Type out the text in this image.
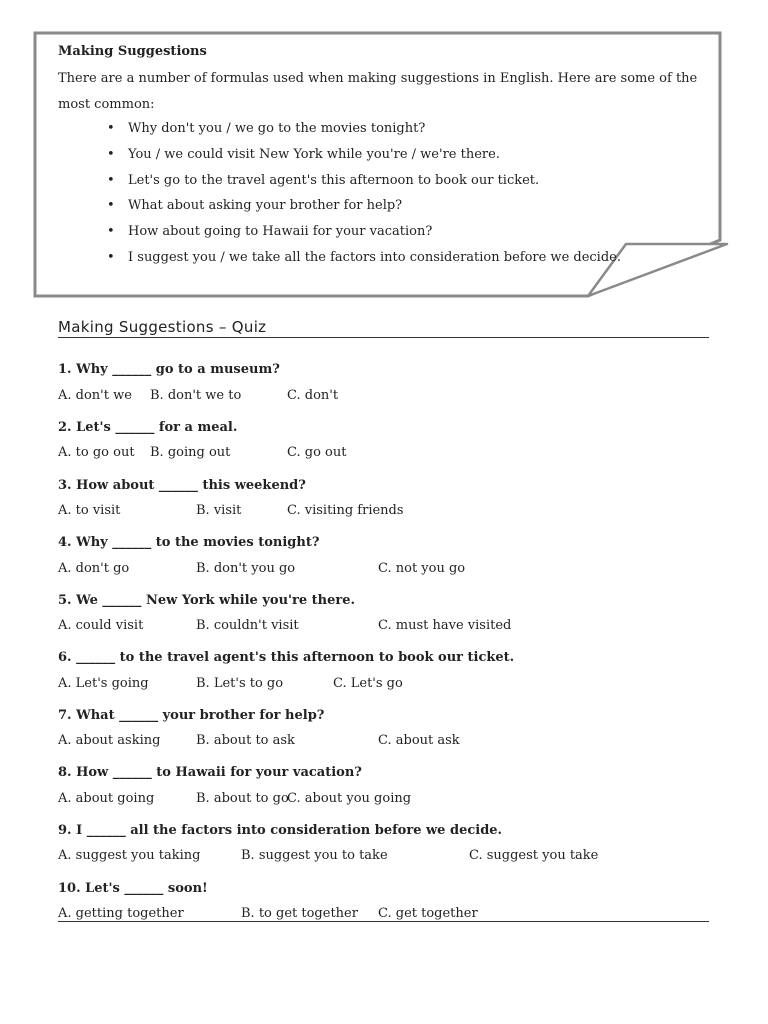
Making Suggestions
There are a number of formulas used when making suggestions in English. Here are some of the most common:
• Why don't you / we go to the movies tonight?
• You / we could visit New York while you're / we're there.
• Let's go to the travel agent's this afternoon to book our ticket.
• What about asking your brother for help?
• How about going to Hawaii for your vacation?
• I suggest you / we take all the factors into consideration before we decide.
Making Suggestions – Quiz
1. Why ______ go to a museum?
A. don't we B. don't we to	C. don't
2. Let's ______ for a meal.
A. to go out B. going out	C. go out
3. How about ______ this weekend?
A. to visit	B. visit	C. visiting friends
4. Why ______ to the movies tonight?
A. don't go	B. don't you go	C. not you go
5. We ______ New York while you're there.
A. could visit	B. couldn't visit	C. must have visited
6. ______ to the travel agent's this afternoon to book our ticket.
A. Let's going	B. Let's to go	C. Let's go
7. What ______ your brother for help?
A. about asking	B. about to ask	C. about ask
8. How ______ to Hawaii for your vacation?
A. about going	B. about to go
C. about you going
9. I ______ all the factors into consideration before we decide.
A. suggest you taking	B. suggest you to take	C. suggest you take
10. Let's ______ soon!
A. getting together	B. to get together C. get together
